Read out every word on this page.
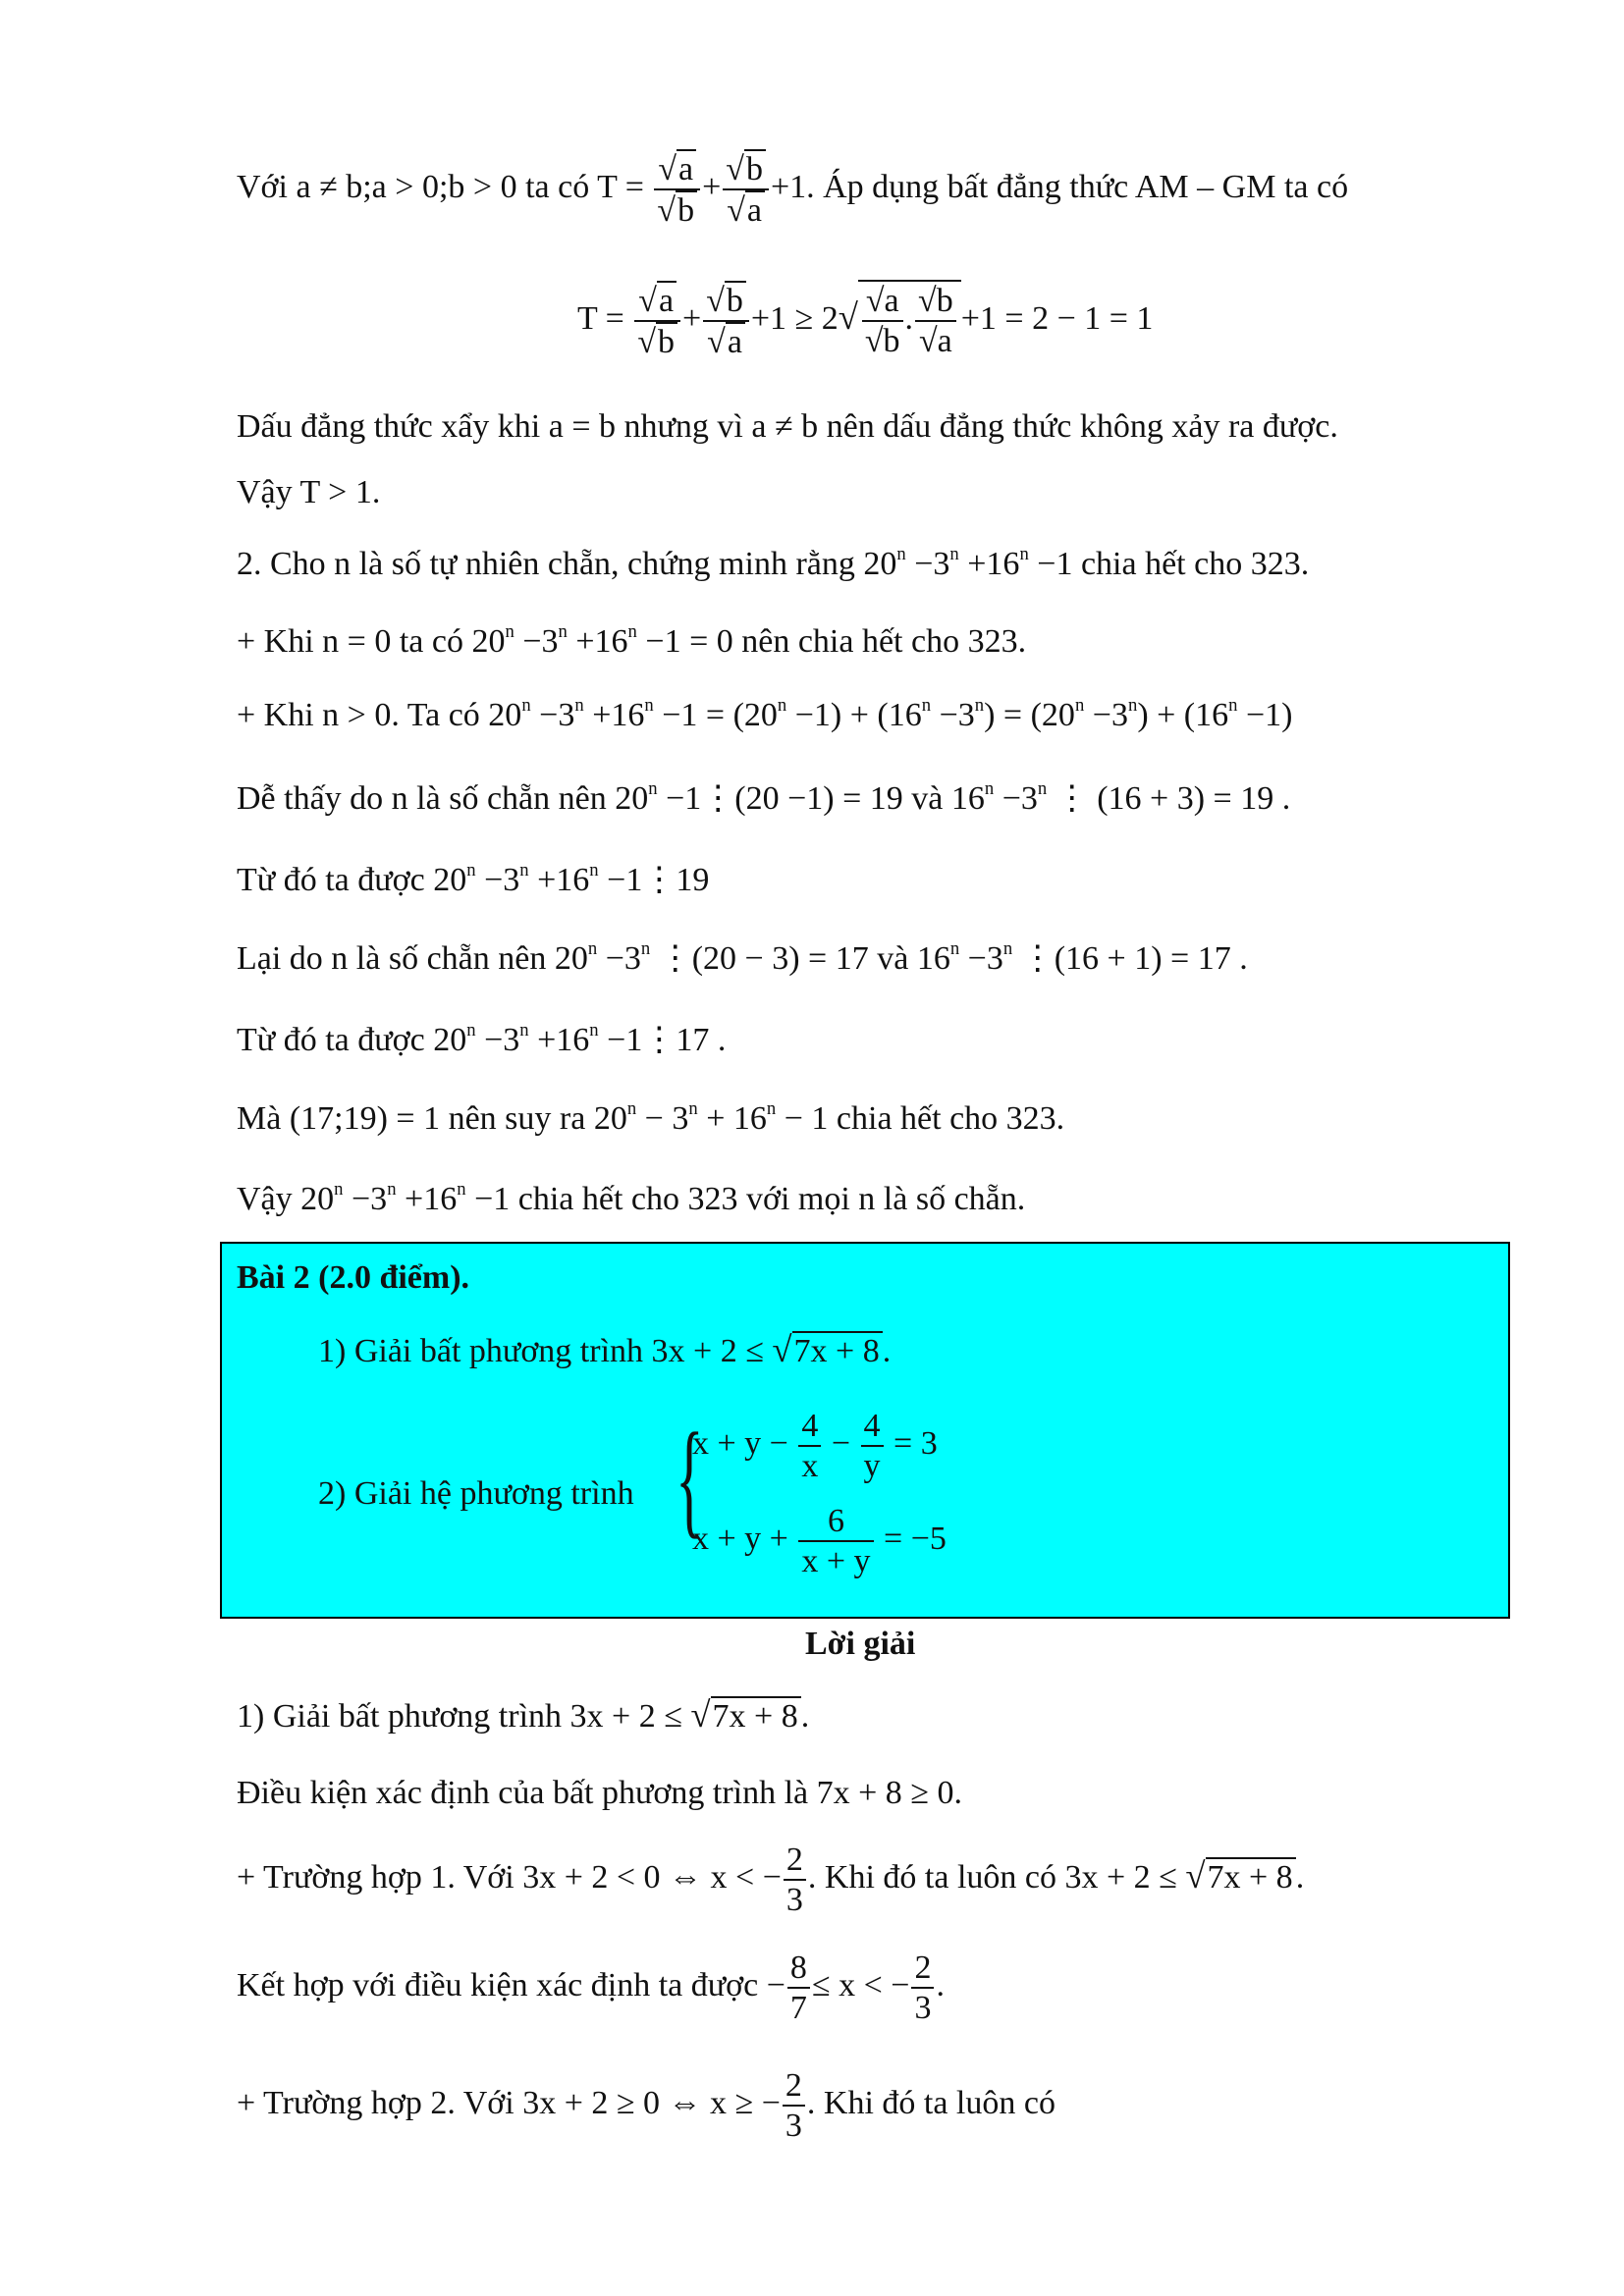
Với a ≠ b;a > 0;b > 0 ta có $T = \frac{√a}{√b} + \frac{√b}{√a} +1$. Áp dụng bất đẳng thức AM – GM ta có
$T = \frac{√a}{√b} + \frac{√b}{√a} +1 \ge 2√ \frac{√a}{√b}$ . $\frac{√b}{√a} +1 = 2 - 1 = 1$
Dấu đẳng thức xẩy khi a = b nhưng vì a ≠ b nên dấu đẳng thức không xảy ra được.
Vậy T > 1.
2. Cho n là số tự nhiên chẵn, chứng minh rằng $20^n -3^n +16^n -1$ chia hết cho 323.
+ Khi n = 0 ta có $20^n -3^n +16^n -1 = 0$ nên chia hết cho 323.
+ Khi n > 0. Ta có $20^n -3^n +16^n -1 = (20^n -1) + (16^n -3^n) = (20^n -3^n) + (16^n -1)$
Dễ thấy do n là số chẵn nên $20^n$ −1⋮(20 −1) = 19 và $16^n -3^n$ ⋮ (16 + 3) = 19 .
Từ đó ta được $20^n -3^n +16^n$ −1⋮19
Lại do n là số chẵn nên $20^n -3^n$ ⋮(20 − 3) = 17 và $16^n -3^n$ ⋮(16 + 1) = 17 .
Từ đó ta được $20^n -3^n +16^n$ −1⋮17 .
Mà (17;19) = 1 nên suy ra $20^n - 3^n + 16^n - 1$ chia hết cho 323.
Vậy $20^n -3^n +16^n -1$ chia hết cho 323 với mọi n là số chẵn.
Bài 2 (2.0 điểm).
1) Giải bất phương trình 3x + 2 ≤ √7x + 8.
2) Giải hệ phương trình {
$x + y - \frac{4}{x} - \frac{4}{y} = 3$
$x + y + \frac{6}{x + y} = -5$
Lời giải
1) Giải bất phương trình 3x + 2 ≤ √7x + 8.
Điều kiện xác định của bất phương trình là 7x + 8 ≥ 0.
+ Trường hợp 1. Với 3x + 2 < 0 ⇔ x < − $\frac{2}{3}$ . Khi đó ta luôn có 3x + 2 ≤ √7x + 8.
Kết hợp với điều kiện xác định ta được − $\frac{8}{7} \le x$ < − $\frac{2}{3}$ .
+ Trường hợp 2. Với 3x + 2 ≥ 0 ⇔ x ≥ − $\frac{2}{3}$ . Khi đó ta luôn có
